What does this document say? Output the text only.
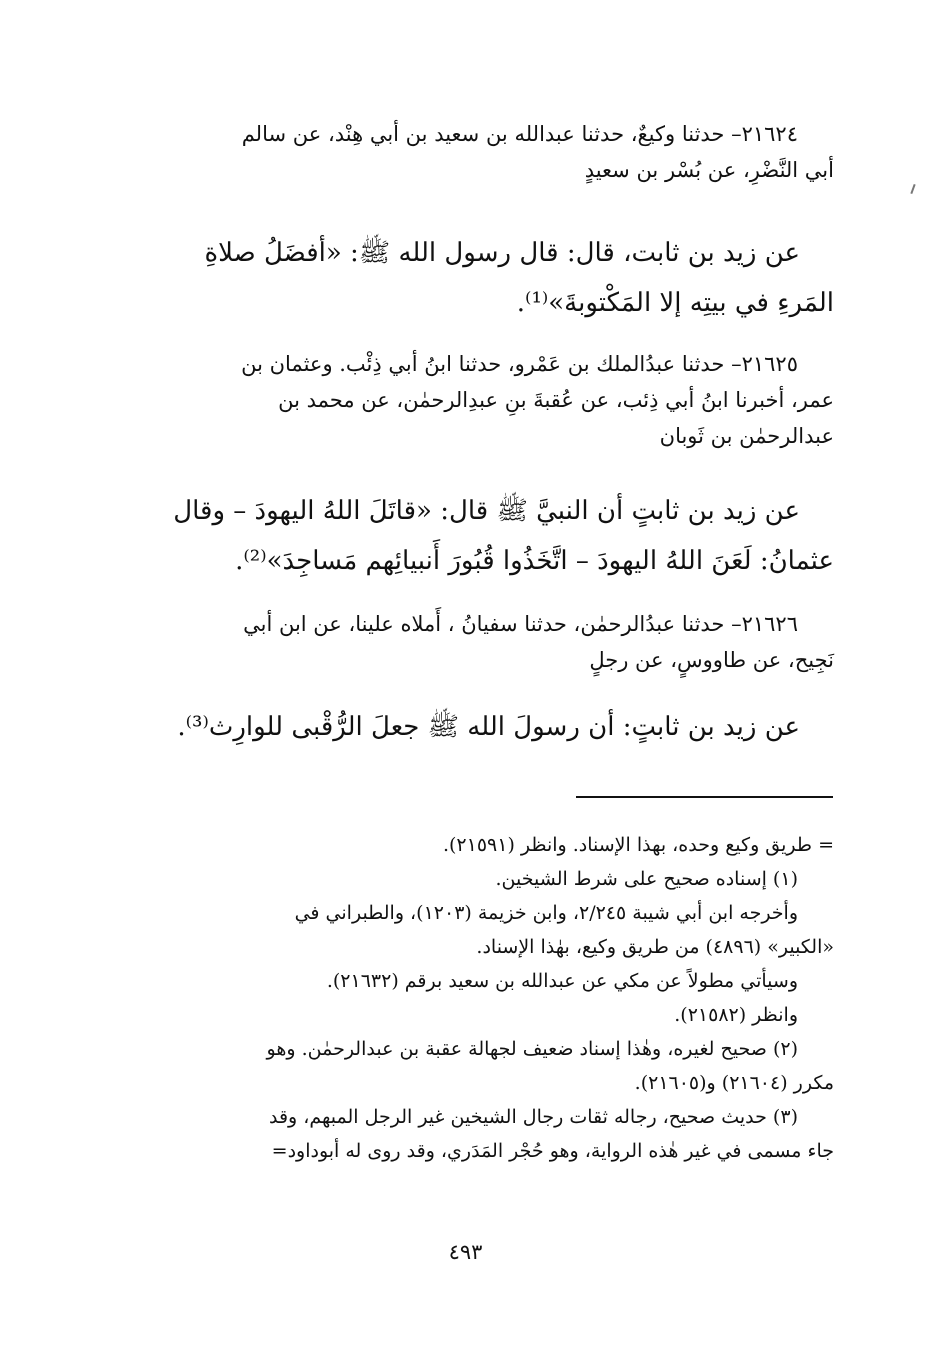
٢١٦٢٤– حدثنا وكيعٌ، حدثنا عبدالله بن سعيد بن أبي هِنْد، عن سالم
أبي النَّضْرِ، عن بُسْر بن سعيدٍ
عن زيد بن ثابت، قال: قال رسول الله ﷺ: «أفضَلُ صلاةِ
المَرءِ في بيتِه إلا المَكْتوبةَ»⁽¹⁾.
٢١٦٢٥– حدثنا عبدُالملك بن عَمْرو، حدثنا ابنُ أبي ذِئْب. وعثمان بن
عمر، أخبرنا ابنُ أبي ذِئب، عن عُقبةَ بنِ عبدِالرحمٰن، عن محمد بن
عبدالرحمٰن بن ثَوبان
عن زيد بن ثابتٍ أن النبيَّ ﷺ قال: «قاتَلَ اللهُ اليهودَ – وقال
عثمانُ: لَعَنَ اللهُ اليهودَ – اتَّخَذُوا قُبُورَ أَنبيائِهم مَساجِدَ»⁽²⁾.
٢١٦٢٦– حدثنا عبدُالرحمٰن، حدثنا سفيانُ ، أَملاه علينا، عن ابن أبي
نَجِيح، عن طاووسٍ، عن رجلٍ
عن زيد بن ثابتٍ: أن رسولَ الله ﷺ جعلَ الرُّقْبى للوارِث⁽³⁾.
= طريق وكيع وحده، بهذا الإسناد. وانظر (٢١٥٩١).
(١) إسناده صحيح على شرط الشيخين.
وأخرجه ابن أبي شيبة ٢/٢٤٥، وابن خزيمة (١٢٠٣)، والطبراني في
«الكبير» (٤٨٩٦) من طريق وكيع، بهٰذا الإسناد.
وسيأتي مطولاً عن مكي عن عبدالله بن سعيد برقم (٢١٦٣٢).
وانظر (٢١٥٨٢).
(٢) صحيح لغيره، وهٰذا إسناد ضعيف لجهالة عقبة بن عبدالرحمٰن. وهو
مكرر (٢١٦٠٤) و(٢١٦٠٥).
(٣) حديث صحيح، رجاله ثقات رجال الشيخين غير الرجل المبهم، وقد
جاء مسمى في غير هٰذه الرواية، وهو حُجْر المَدَري، وقد روى له أبوداود=
٤٩٣
